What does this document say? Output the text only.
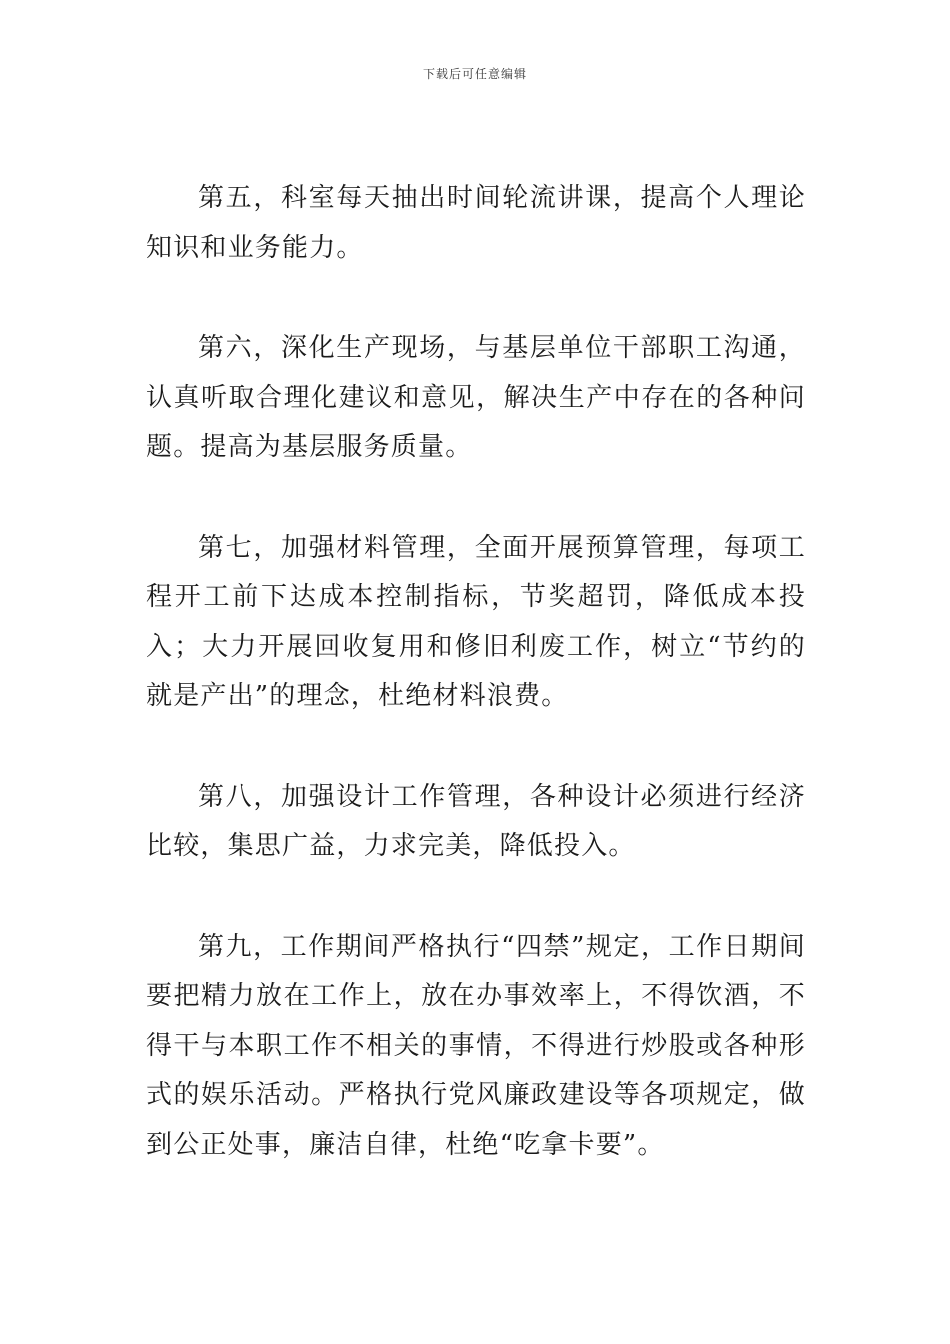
下载后可任意编辑

第五，科室每天抽出时间轮流讲课，提高个人理论知识和业务能力。

第六，深化生产现场，与基层单位干部职工沟通，认真听取合理化建议和意见，解决生产中存在的各种问题。提高为基层服务质量。

第七，加强材料管理，全面开展预算管理，每项工程开工前下达成本控制指标，节奖超罚，降低成本投入；大力开展回收复用和修旧利废工作，树立“节约的就是产出”的理念，杜绝材料浪费。

第八，加强设计工作管理，各种设计必须进行经济比较，集思广益，力求完美，降低投入。

第九，工作期间严格执行“四禁”规定，工作日期间要把精力放在工作上，放在办事效率上，不得饮酒，不得干与本职工作不相关的事情，不得进行炒股或各种形式的娱乐活动。严格执行党风廉政建设等各项规定，做到公正处事，廉洁自律，杜绝“吃拿卡要”。
